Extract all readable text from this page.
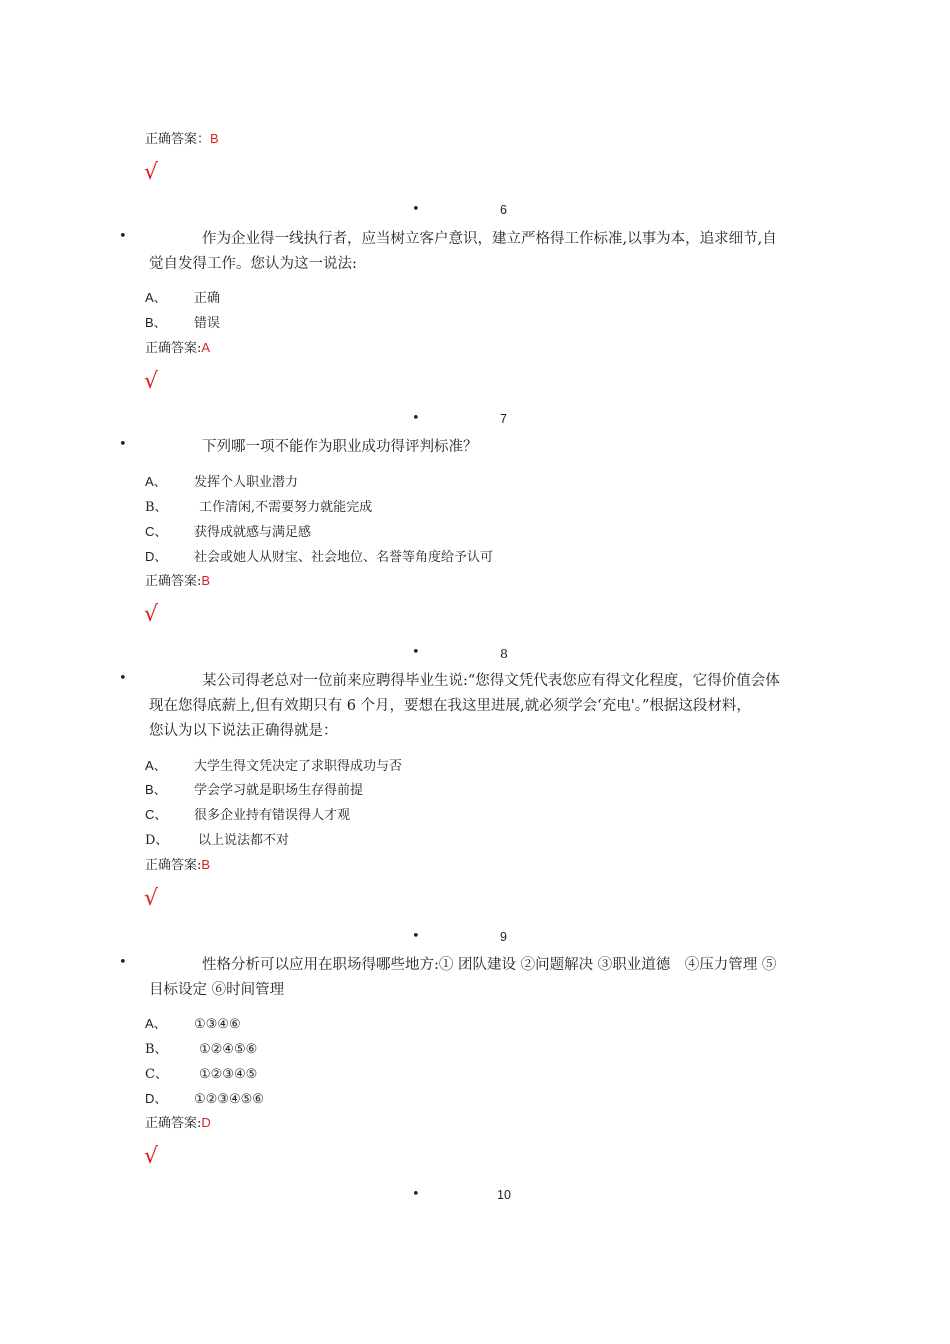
正确答案：B
√
•	6
•	作为企业得一线执行者，应当树立客户意识，建立严格得工作标准,以事为本，追求细节,自
觉自发得工作。您认为这一说法:
A、 正确
B、 错误
正确答案:A
√
•	7
•	下列哪一项不能作为职业成功得评判标准？
A、 发挥个人职业潜力
B、 工作清闲,不需要努力就能完成
C、 获得成就感与满足感
D、 社会或她人从财宝、社会地位、名誉等角度给予认可
正确答案:B
√
•	8
•	某公司得老总对一位前来应聘得毕业生说:“您得文凭代表您应有得文化程度，它得价值会体
现在您得底薪上,但有效期只有 6 个月，要想在我这里进展,就必须学会‘充电'。”根据这段材料，
您认为以下说法正确得就是：
A、 大学生得文凭决定了求职得成功与否
B、 学会学习就是职场生存得前提
C、 很多企业持有错误得人才观
D、 以上说法都不对
正确答案:B
√
•	9
•	性格分析可以应用在职场得哪些地方:① 团队建设 ②问题解决 ③职业道德　④压力管理 ⑤
目标设定 ⑥时间管理
A、 ①③④⑥
B、 ①②④⑤⑥
C、 ①②③④⑤
D、 ①②③④⑤⑥
正确答案:D
√
•	10
